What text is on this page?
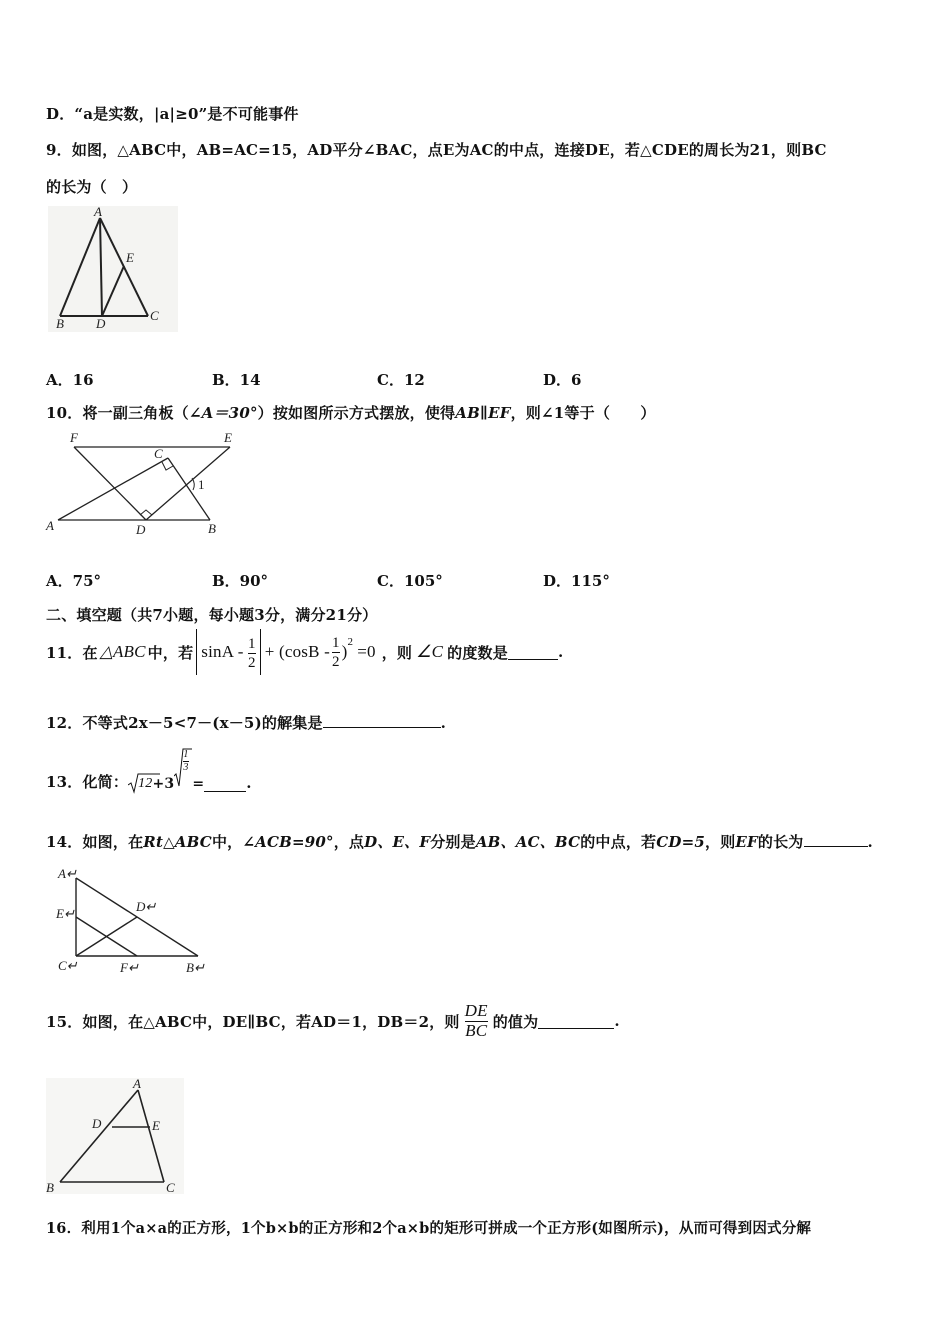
D．“a是实数，|a|≥0”是不可能事件
9．如图，△ABC中，AB=AC=15，AD平分∠BAC，点E为AC的中点，连接DE，若△CDE的周长为21，则BC
的长为（　）
A
B
C
D
E
A．16	B．14	C．12	D．6
10．将一副三角板（∠A＝30°）按如图所示方式摆放，使得AB∥EF，则∠1等于（　　）
F	E
C
1
A	D	B
A．75°	B．90°	C．105°	D．115°
二、填空题（共7小题，每小题3分，满分21分）
11．在 △ABC 中，若 $\sin A - \frac{1}{2} + (\cos B - 1$
2
)$^2$ =0 ，则 ∠C 的度数是	.
12．不等式2x－5<7－(x－5)的解集是	.
13．化简： 12 +3
1
3
=	.
14．如图，在Rt△ABC中，∠ACB=90°，点D、E、F分别是AB、AC、BC的中点，若CD=5，则EF的长为	.
A↵
E↵	D↵
C↵	F↵	B↵
15．如图，在△ABC中，DE∥BC，若AD＝1，DB＝2，则 $\frac{DE}{BC}$ 的值为	.
A
D	E
B	C
16．利用1个a×a的正方形，1个b×b的正方形和2个a×b的矩形可拼成一个正方形(如图所示)，从而可得到因式分解
